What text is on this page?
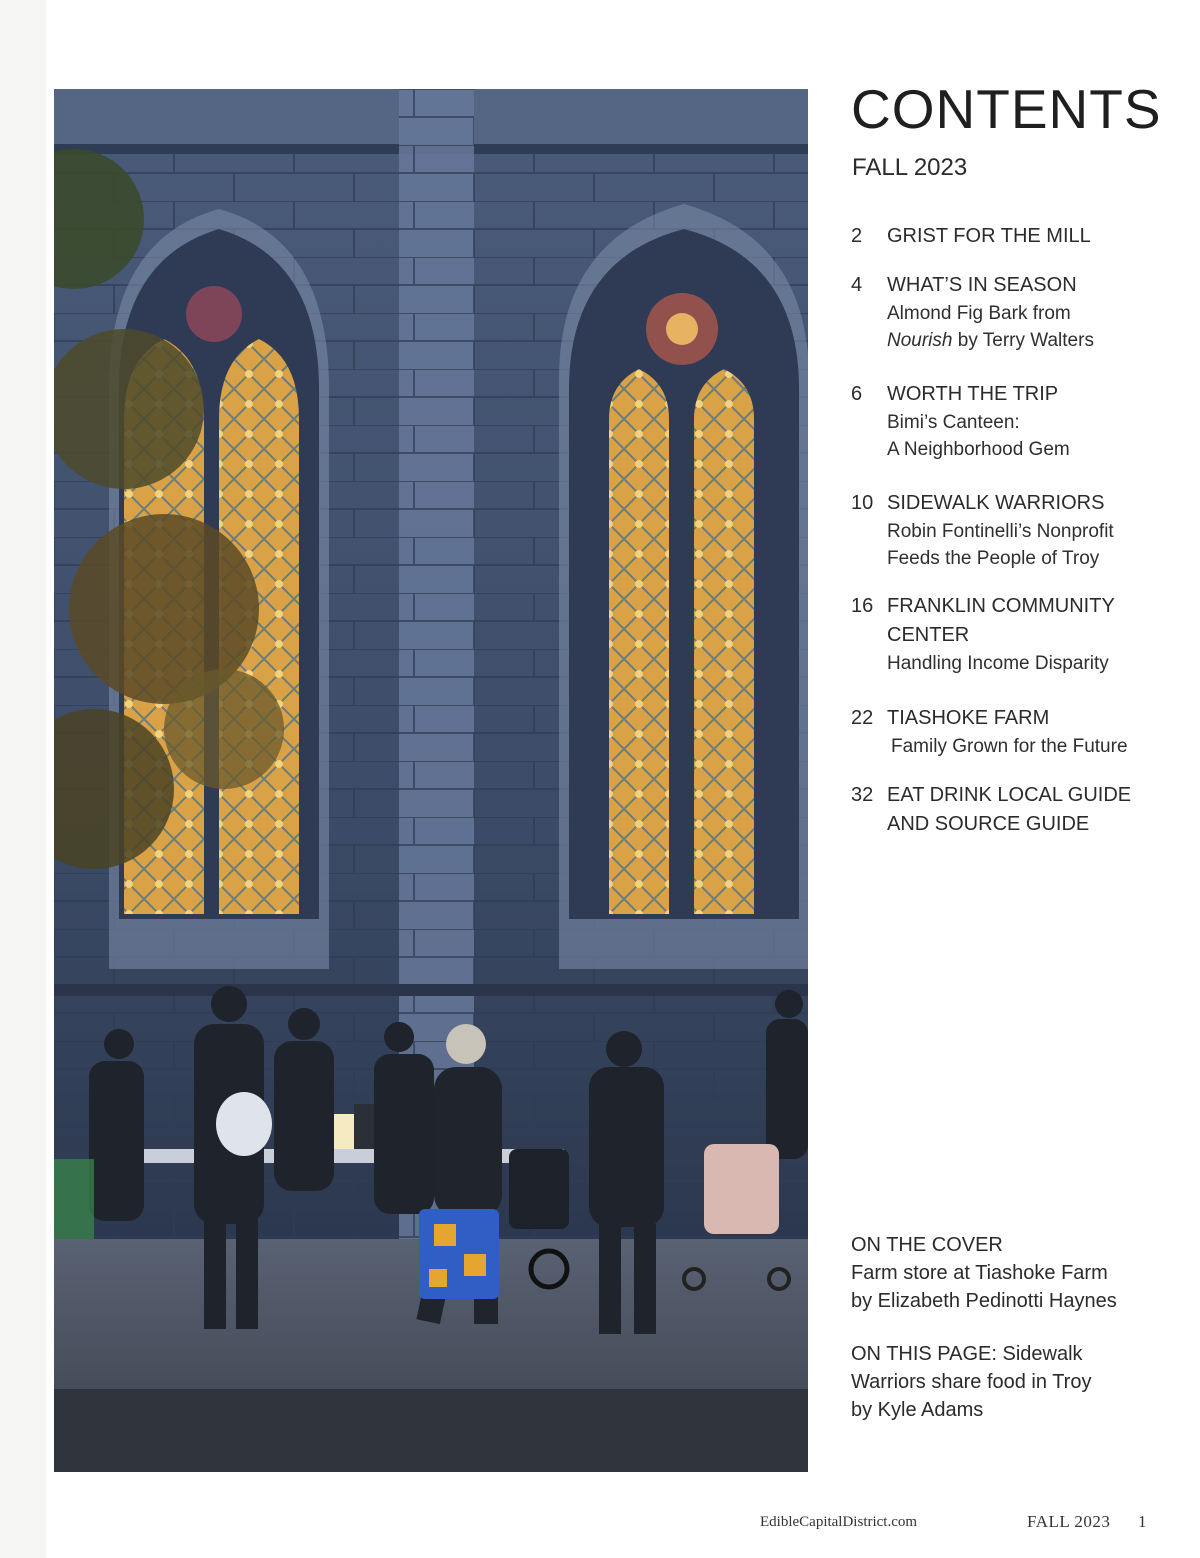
CONTENTS
FALL 2023
2	GRIST FOR THE MILL
4	WHAT’S IN SEASON
Almond Fig Bark from
Nourish by Terry Walters
6	WORTH THE TRIP
Bimi’s Canteen:
A Neighborhood Gem
10 SIDEWALK WARRIORS
Robin Fontinelli’s Nonprofit
Feeds the People of Troy
16 FRANKLIN COMMUNITY CENTER
Handling Income Disparity
22 TIASHOKE FARM
Family Grown for the Future
32 EAT DRINK LOCAL GUIDE AND SOURCE GUIDE
ON THE COVER
Farm store at Tiashoke Farm
by Elizabeth Pedinotti Haynes
ON THIS PAGE: Sidewalk
Warriors share food in Troy
by Kyle Adams
EdibleCapitalDistrict.com	FALL 2023 1
